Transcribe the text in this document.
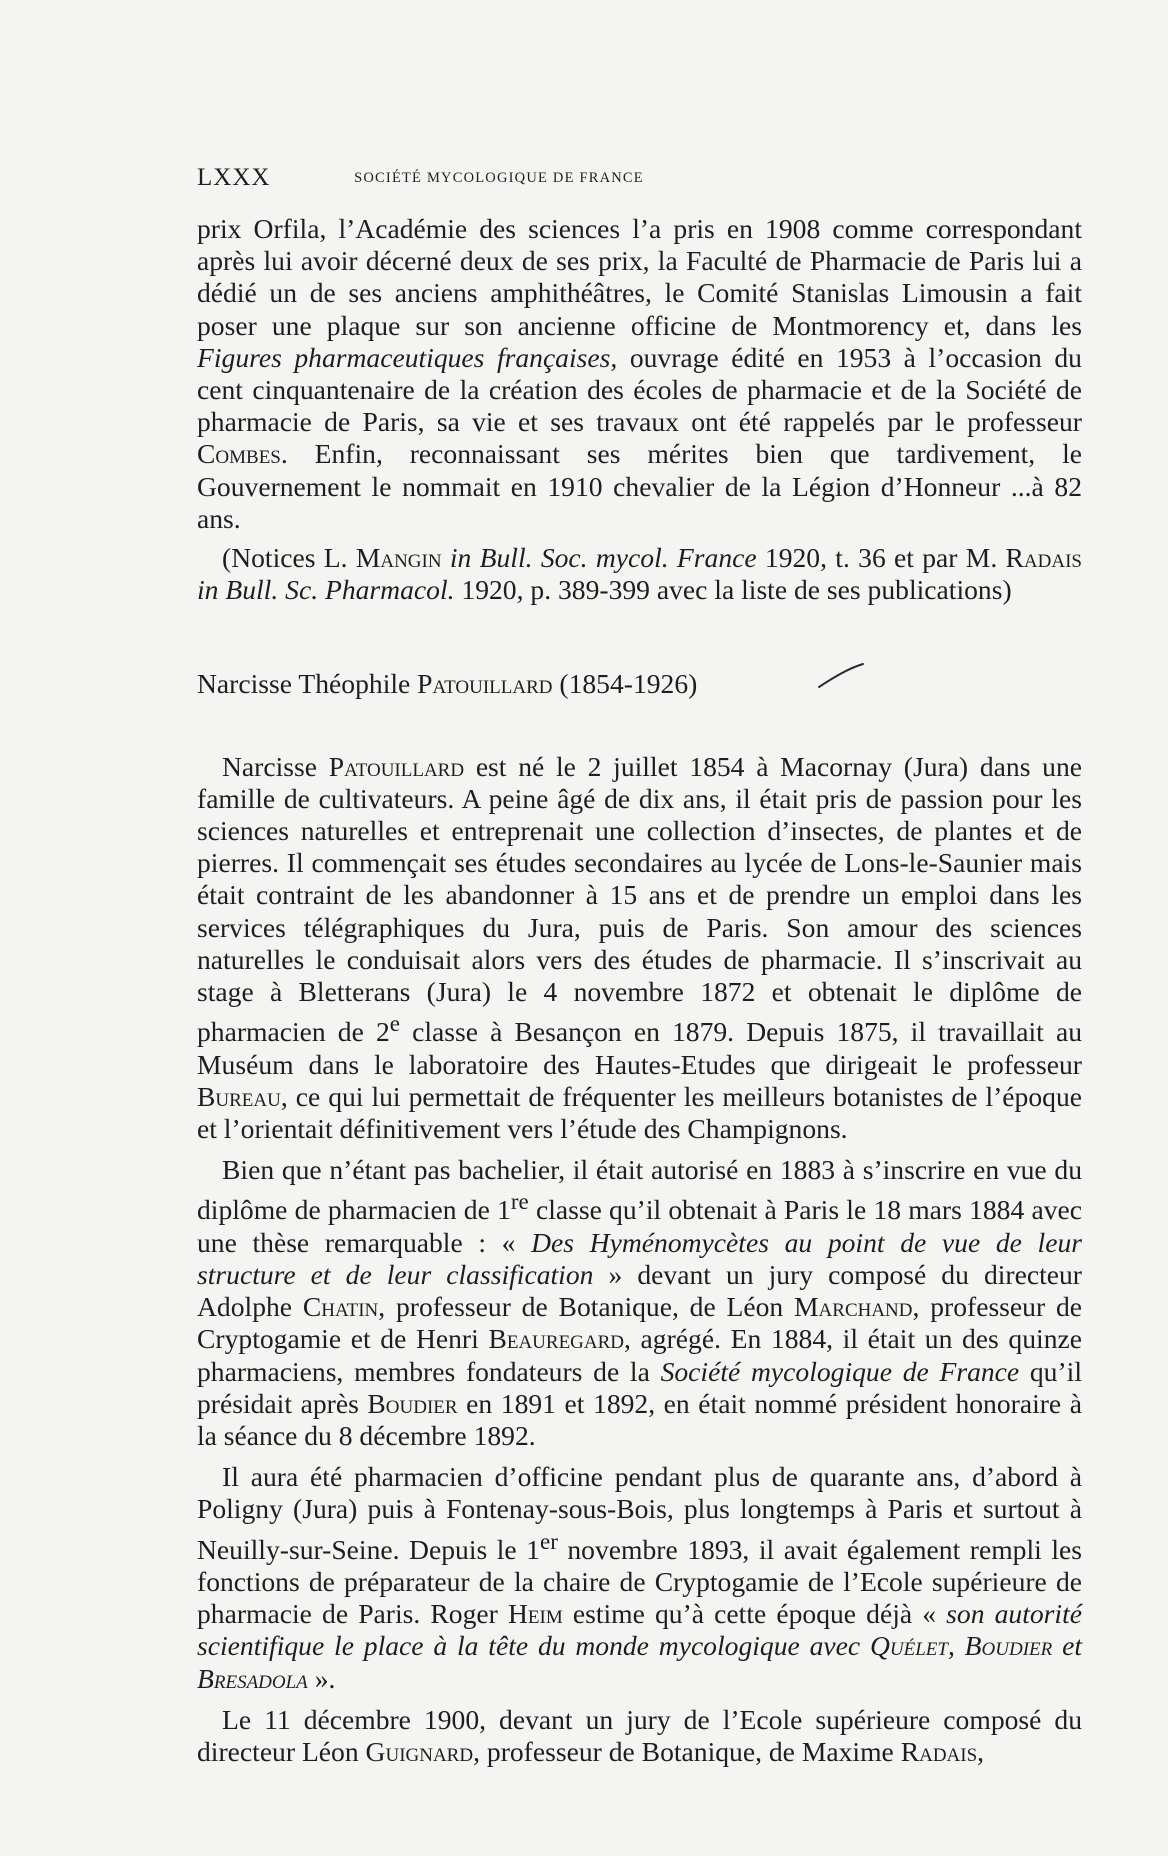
LXXX	SOCIÉTÉ MYCOLOGIQUE DE FRANCE

prix Orfila, l’Académie des sciences l’a pris en 1908 comme correspondant après lui avoir décerné deux de ses prix, la Faculté de Pharmacie de Paris lui a dédié un de ses anciens amphithéâtres, le Comité Stanislas Limousin a fait poser une plaque sur son ancienne officine de Montmorency et, dans les Figures pharmaceutiques françaises, ouvrage édité en 1953 à l’occasion du cent cinquantenaire de la création des écoles de pharmacie et de la Société de pharmacie de Paris, sa vie et ses travaux ont été rappelés par le professeur Combes. Enfin, reconnaissant ses mérites bien que tardivement, le Gouvernement le nommait en 1910 chevalier de la Légion d’Honneur ...à 82 ans.

(Notices L. Mangin in Bull. Soc. mycol. France 1920, t. 36 et par M. Radais in Bull. Sc. Pharmacol. 1920, p. 389-399 avec la liste de ses publications)

Narcisse Théophile Patouillard (1854-1926)

Narcisse Patouillard est né le 2 juillet 1854 à Macornay (Jura) dans une famille de cultivateurs. A peine âgé de dix ans, il était pris de passion pour les sciences naturelles et entreprenait une collection d’insectes, de plantes et de pierres. Il commençait ses études secondaires au lycée de Lons-le-Saunier mais était contraint de les abandonner à 15 ans et de prendre un emploi dans les services télégraphiques du Jura, puis de Paris. Son amour des sciences naturelles le conduisait alors vers des études de pharmacie. Il s’inscrivait au stage à Bletterans (Jura) le 4 novembre 1872 et obtenait le diplôme de pharmacien de 2e classe à Besançon en 1879. Depuis 1875, il travaillait au Muséum dans le laboratoire des Hautes-Etudes que dirigeait le professeur Bureau, ce qui lui permettait de fréquenter les meilleurs botanistes de l’époque et l’orientait définitivement vers l’étude des Champignons.

Bien que n’étant pas bachelier, il était autorisé en 1883 à s’inscrire en vue du diplôme de pharmacien de 1re classe qu’il obtenait à Paris le 18 mars 1884 avec une thèse remarquable : « Des Hyménomycètes au point de vue de leur structure et de leur classification » devant un jury composé du directeur Adolphe Chatin, professeur de Botanique, de Léon Marchand, professeur de Cryptogamie et de Henri Beauregard, agrégé. En 1884, il était un des quinze pharmaciens, membres fondateurs de la Société mycologique de France qu’il présidait après Boudier en 1891 et 1892, en était nommé président honoraire à la séance du 8 décembre 1892.

Il aura été pharmacien d’officine pendant plus de quarante ans, d’abord à Poligny (Jura) puis à Fontenay-sous-Bois, plus longtemps à Paris et surtout à Neuilly-sur-Seine. Depuis le 1er novembre 1893, il avait également rempli les fonctions de préparateur de la chaire de Cryptogamie de l’Ecole supérieure de pharmacie de Paris. Roger Heim estime qu’à cette époque déjà « son autorité scientifique le place à la tête du monde mycologique avec Quélet, Boudier et Bresadola ».

Le 11 décembre 1900, devant un jury de l’Ecole supérieure composé du directeur Léon Guignard, professeur de Botanique, de Maxime Radais,
